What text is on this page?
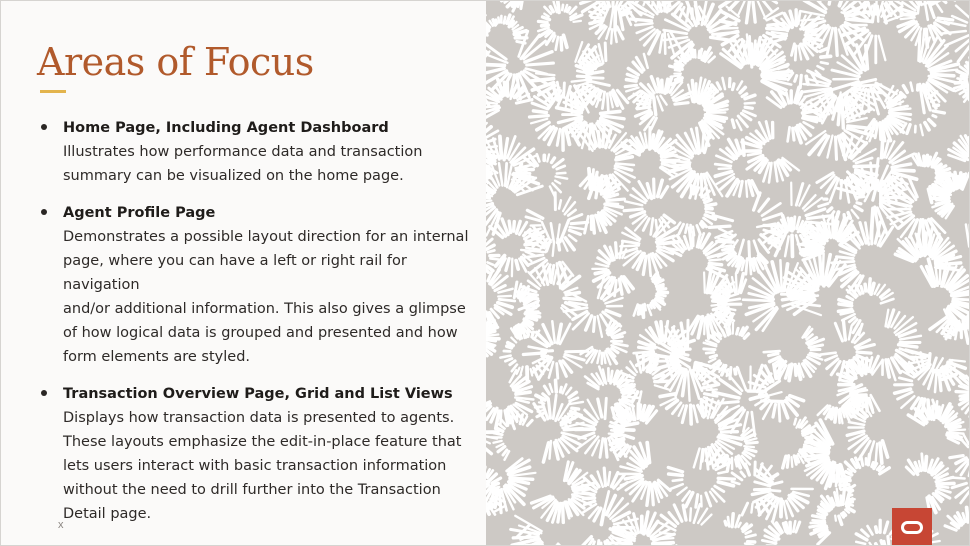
Areas of Focus
Home Page, Including Agent Dashboard
Illustrates how performance data and transaction
summary can be visualized on the home page.
Agent Profile Page
Demonstrates a possible layout direction for an internal
page, where you can have a left or right rail for navigation
and/or additional information. This also gives a glimpse
of how logical data is grouped and presented and how
form elements are styled.
Transaction Overview Page, Grid and List Views
Displays how transaction data is presented to agents.
These layouts emphasize the edit-in-place feature that
lets users interact with basic transaction information
without the need to drill further into the Transaction
Detail page.
x
